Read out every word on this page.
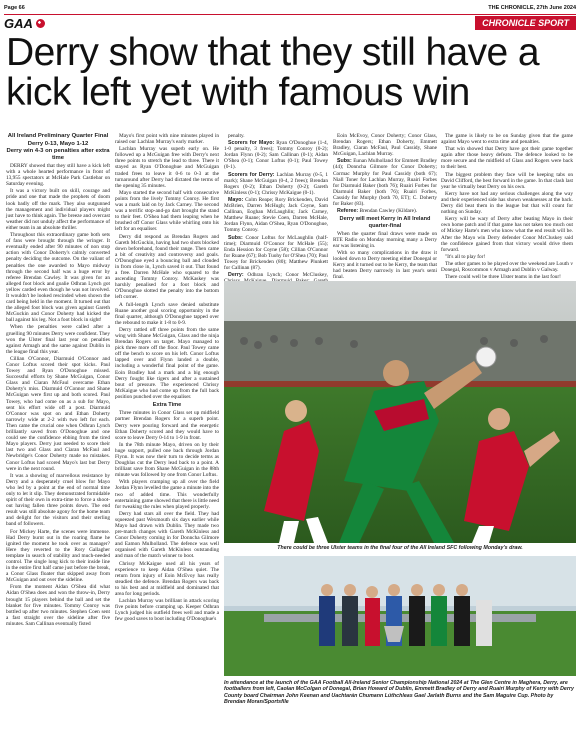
Page 66	THE CHRONICLE, 27th June 2024
GAA	CHRONICLE SPORT
Derry show that they still have a kick left yet with famous win

All Ireland Preliminary Quarter Final

Derry 0-13, Mayo 1-12

Derry win 4-3 on penalties after extra time

DERRY showed that they still have a kick left with a whole hearted performance in front of 13,955 spectators at McHale Park Castlebar on Saturday evening.

It was a victory built on skill, courage and pride and one that made the prophets of doom look badly off the mark. They also outgunned the management and individual players might just have to think again. The breeze and overcast weather did not unduly affect the performance of either team in an absolute thriller.

Throughout this extraordinary game both sets of fans were brought through the wringer. It eventually ended after 90 minutes of non stop action with Conor Doherty's calmly converted penalty deciding the outcome. On the valiant of penalties the one awarded to Mayo midway through the second half was a huge error by referee Brendan Cawley. It was given for an alleged foot block and goalie Odhran Lynch got yellow carded even though he was not involved. It wouldn't be looked rescinded when shown the card being held in the moment. It turned out that the alleged foot block was given against Gareth McGuckin and Conor Doherty had kicked the ball against his leg. Not a foot block in sight!

When the penalties were called after a gruelling 90 minutes Derry were confident. They won the Ulster final last year on penalties against Armagh and the same against Dublin in the league final this year.

Cillian O'Connor, Diarmuid O'Connor and Conor Loftus scored their spot kicks. Paul Towey and Ryan O'Donoghue missed. Successful efforts by Shane McGuigan, Conor Glass and Ciaran McFaul overcame Ethan Doherty's miss. Diarmuid O'Connor and Shane McGuigan were first up and both scored. Paul Towey, who had come on as a sub for Mayo, sent his effort wide off a post. Diarmuid O'Connor was spot on and Ethan Doherty narrowly wide at 2-2 with two left for each. Then came the crucial one when Odhran Lynch brilliantly saved from O'Donoghue and one could see the confidence ebbing from the tired Mayo players. Derry just needed to score their last two and Glass and Ciaran McFaul and Newbridge's Conor Doherty made no mistakes. Conor Loftus had scored Mayo's last but Derry were in the next round.

It was a showing of marvellous resistance by Derry and a desperately cruel blow for Mayo who led by a point at the end of normal time only to let it slip. They demonstrated formidable spirit of their own in extra-time to force a shoot-out having fallen three points down. The end result was still absolute agony for the home team and delight for the visitors and their sterling band of followers.

For Mickey Harte, the scenes were immense. Had Derry burnt out in the roaring flame he ignited the moment he took over as manager? Here they reverted to the Rory Gallagher template in search of stability and much-needed control. The single long kick to their inside line in the entire first half came just before the break, a Conor Glass floater that skipped away from McGuigan and out over the sideline.

From the moment Aidan O'Shea did what Aidan O'Shea does and won the throw-in, Derry brought 15 players behind the ball and set the blanket for five minutes. Tommy Conroy was bottled up after two minutes. Stephen Coen sent a fast straight over the sideline after five minutes. Sam Callinan eventually fisted

Mayo's first point with nine minutes played in raised our Lachlan Murray's early marker.

Lachlan Murray was superb early on. He followed up a McGuigan free with Derry's next three points to stretch the lead to three. There it stayed as Ryan O'Donoghue and McGuigan traded frees to leave it 0-6 to 0-3 at the turnaround after Derry had dictated the terms of the opening 35 minutes.

Mayo started the second half with consecutive points from the lively Tommy Conroy. He first was a mark laid on by Jack Carney. The second was a terrific stop-and-go dart brought the stand to their feet. O'Shea had them leaping when he brushed off Conor Glass while whirling onto his left for an equaliser.

Derry did respond as Brendan Rogers and Gareth McGuckin, having had two shots blocked down beforehand, found their range. Then came a bit of creativity and controversy and goals. O'Donoghue eyed a bouncing ball and clouded in from close in, Lynch saved it out. That found a free. Darren McHale who squared to the ascending Tommy Conroy. McKaskey was harshly penalised for a foot block and O'Donoghue slotted the penalty into the bottom left corner.

A full-length Lynch save denied substitute Ruane another goal scoring opportunity in the final quarter, although O'Donoghue tapped over the rebound to make it 1-8 to 0-9.

Derry rattled off three points from the same wing with Shane McGuigan, Glass and the ninja Brendan Rogers on target. Mayo managed to pick three more off the floor. Paul Towey came off the bench to score on his left. Conor Loftus lapped over and Flynn landed a double, including a wonderful final point of the game. Eoin Bradley had a mark and a big enough Derry fought like tigers and after a sustained bout of pressure. The experienced Chrissy McKaigue who had come up from the full back position punched over the equaliser.

Extra Time

Three minutes in Conor Glass set up midfield partner Brendan Rogers for a superb point. Derry were pouring forward and the energetic Ethan Doherty scored and they would have to score to leave Derry 0-14 to 1-9 in front.

In the 78th minute Mayo, driven on by their huge support, pulled one back through Jordan Flynn. It was now their turn to decide terms as Doughlas cut the Derry lead back to a point. A brilliant save from Shane McGuigan in the 88th minute was followed by one from Conor Loftus.

With players cramping up all over the field Jordan Flynn levelled the game a minute into the two of added time. This wonderfully entertaining game showed that there is little need for tweaking the rules when played properly.

Derry had stars all over the field. They had squeezed past Wexmouth six days earlier while Mayo had drawn with Dublin. They made two pre-match changes with Gareth McKinless and Conor Doherty coming in for Donncha Gilmore and Eamon Mulholland. The defence was well organised with Gareth McKinless outstanding and man of the match winner to boot.

Chrissy McKaigue used all his years of experience to keep Aidan O'Shea quiet. The return from injury of Eoin McEvoy has really steadied the defence. Brendan Rogers was back to his best and at midfield and dominated that area for long periods.

Lachlan Murray was brilliant in attack scoring five points before cramping up. Keeper Odhran Lynch judged his outfield frees well and made a few good saves to boot including O'Donoghue's

penalty.

Scorers for Mayo: Ryan O'Donoghue (1-4, 1-0 penalty, 3 frees); Tommy Conroy (0-2); Jordan Flynn (0-2); Sam Callinan (0-1); Aidan O'Shea (0-1); Conor Loftus (0-1); Paul Towey (0-1).

Scorers for Derry: Lachlan Murray (0-5, 1 mark); Shane McGuigan (0-4, 2 frees); Brendan Rogers (0-2); Ethan Doherty (0-2); Gareth McKinless (0-1); Chrissy McKaigue (0-1).

Mayo: Colm Reape; Rory Brickenden, David McBrien, Darren McHugh; Jack Coyne, Sam Callinan, Eoghan McLaughlin; Jack Carney, Matthew Ruane; Stevie Coen, Darren McHale, Jordan Flynn, Aidan O'Shea, Ryan O'Donoghue, Tommy Conroy.

Subs: Conor Loftus for McLaughlin (half-time); Diarmuid O'Connor for McHale (55); Enda Hession for Coyne (58); Cillian O'Connor for Ruane (67); Bob Tuohy for O'Shea (70); Paul Towey for Brickenden (80); Matthew Plunkett for Callinan (87).

Derry: Odhran Lynch; Conor McCluskey,

Eoin McEvoy, Conor Doherty; Conor Glass, Brendan Rogers; Ethan Doherty, Emmett Bradley, Ciaran McFaul, Paul Cassidy, Shane McGuigan, Lachlan Murray.

Subs: Eunan Mulholland for Emmett Bradley (44); Donncha Gilmore for Conor Doherty; Cormac Murphy for Paul Cassidy (both 67); Niall Toner for Lachlan Murray, Ruairi Forbes for Diarmuid Baker (both 76); Ruairi Forbes for Diarmuid Baker (both 76); Ruairi Forbes, Cassidy for Murphy (both 70, ET); C. Doherty for Baker (83).

Referee: Brendan Cawley (Kildare).

Derry will meet Kerry in All Ireland quarter-final

When the quarter final draws were made on RTE Radio on Monday morning many a Derry ear was listening in.

With so many complications in the draw it looked down to Derry meeting either Donegal or Kerry and it turned out to be Kerry, the team that had beaten Derry narrowly in last year's semi final.

The game is likely to be on Sunday given that the game against Mayo went to extra time and penalties.

That win showed that Derry have got their game together again after those heavy defeats. The defence looked to be more secure and the midfield of Glass and Rogers were back to their best.

The biggest problem they face will be keeping tabs on David Clifford, the best forward in the game. In that clash last year he virtually beat Derry on his own.

Kerry have not had any serious challenges along the way and their experienced side has shown weaknesses at the back. Derry did beat them in the league but that will count for nothing on Sunday.

Kerry will be wary of Derry after beating Mayo in their own home patch and if that game has not taken too much out of Mickey Harte's men who know what the end result will be. After the Mayo win Derry defender Conor McCluskey said the confidence gained from that victory would drive them forward.

"It's all to play for!

The other games to be played over the weekend are Louth v Donegal, Roscommon v Armagh and Dublin v Galway.

There could well be three Ulster teams in the last four!

There could be three Ulster teams in the final four of the All Ireland SFC following Monday's draw.
In attendance at the launch of the GAA Football All-Ireland Senior Championship National 2024 at The Glen Centre in Maghera, Derry, are footballers from left, Caolan McColgan of Donegal, Brian Howard of Dublin, Emmett Bradley of Derry and Ruairi Murphy of Kerry with Derry County board Chairman John Keenan and Uachtarán Chumann Lúthchleas Gael Jarlath Burns and the Sam Maguire Cup. Photo by Brendan Moran/Sportsfile
